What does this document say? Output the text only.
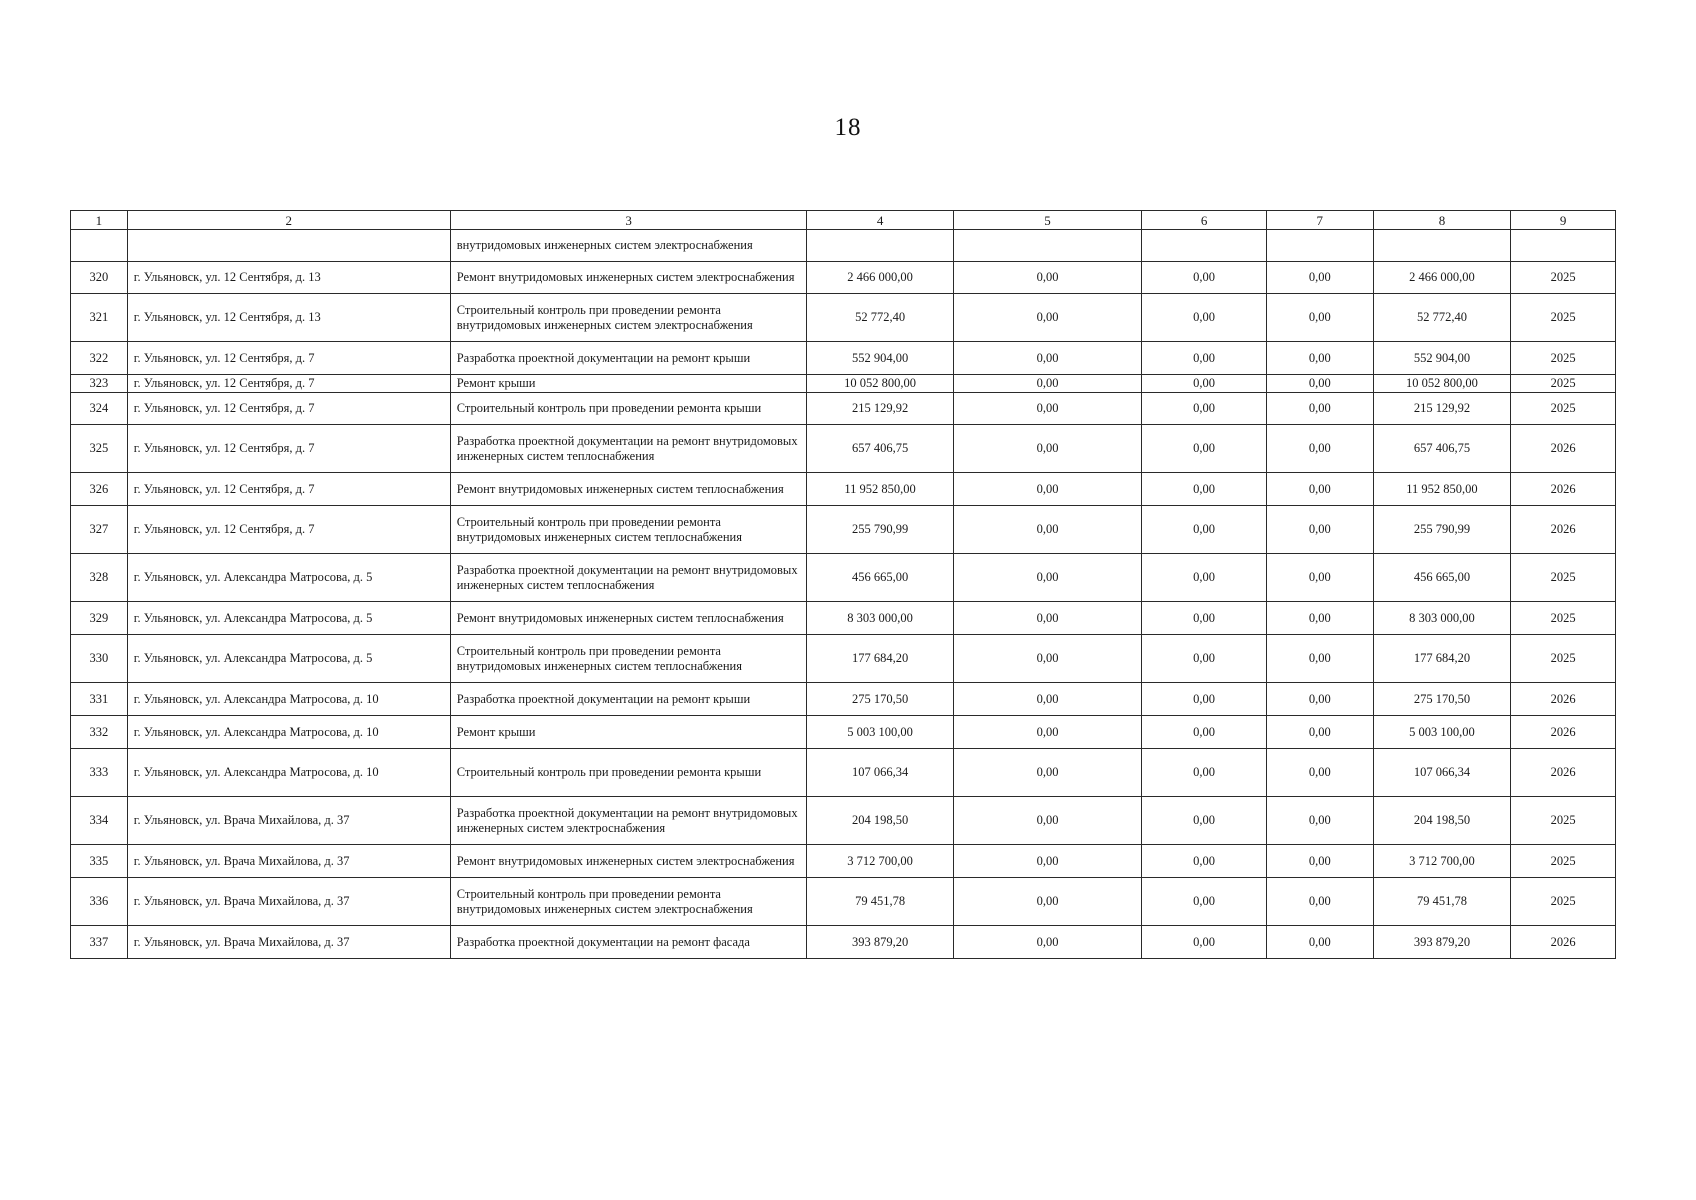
18
1	2	3	4	5	6	7	8	9
		внутридомовых инженерных систем электроснабжения						
320	г. Ульяновск, ул. 12 Сентября, д. 13	Ремонт внутридомовых инженерных систем электроснабжения	2 466 000,00	0,00	0,00	0,00	2 466 000,00	2025
321	г. Ульяновск, ул. 12 Сентября, д. 13	Строительный контроль при проведении ремонта внутридомовых инженерных систем электроснабжения	52 772,40	0,00	0,00	0,00	52 772,40	2025
322	г. Ульяновск, ул. 12 Сентября, д. 7	Разработка проектной документации на ремонт крыши	552 904,00	0,00	0,00	0,00	552 904,00	2025
323	г. Ульяновск, ул. 12 Сентября, д. 7	Ремонт крыши	10 052 800,00	0,00	0,00	0,00	10 052 800,00	2025
324	г. Ульяновск, ул. 12 Сентября, д. 7	Строительный контроль при проведении ремонта крыши	215 129,92	0,00	0,00	0,00	215 129,92	2025
325	г. Ульяновск, ул. 12 Сентября, д. 7	Разработка проектной документации на ремонт внутридомовых инженерных систем теплоснабжения	657 406,75	0,00	0,00	0,00	657 406,75	2026
326	г. Ульяновск, ул. 12 Сентября, д. 7	Ремонт внутридомовых инженерных систем теплоснабжения	11 952 850,00	0,00	0,00	0,00	11 952 850,00	2026
327	г. Ульяновск, ул. 12 Сентября, д. 7	Строительный контроль при проведении ремонта внутридомовых инженерных систем теплоснабжения	255 790,99	0,00	0,00	0,00	255 790,99	2026
328	г. Ульяновск, ул. Александра Матросова, д. 5	Разработка проектной документации на ремонт внутридомовых инженерных систем теплоснабжения	456 665,00	0,00	0,00	0,00	456 665,00	2025
329	г. Ульяновск, ул. Александра Матросова, д. 5	Ремонт внутридомовых инженерных систем теплоснабжения	8 303 000,00	0,00	0,00	0,00	8 303 000,00	2025
330	г. Ульяновск, ул. Александра Матросова, д. 5	Строительный контроль при проведении ремонта внутридомовых инженерных систем теплоснабжения	177 684,20	0,00	0,00	0,00	177 684,20	2025
331	г. Ульяновск, ул. Александра Матросова, д. 10	Разработка проектной документации на ремонт крыши	275 170,50	0,00	0,00	0,00	275 170,50	2026
332	г. Ульяновск, ул. Александра Матросова, д. 10	Ремонт крыши	5 003 100,00	0,00	0,00	0,00	5 003 100,00	2026
333	г. Ульяновск, ул. Александра Матросова, д. 10	Строительный контроль при проведении ремонта крыши	107 066,34	0,00	0,00	0,00	107 066,34	2026
334	г. Ульяновск, ул. Врача Михайлова, д. 37	Разработка проектной документации на ремонт внутридомовых инженерных систем электроснабжения	204 198,50	0,00	0,00	0,00	204 198,50	2025
335	г. Ульяновск, ул. Врача Михайлова, д. 37	Ремонт внутридомовых инженерных систем электроснабжения	3 712 700,00	0,00	0,00	0,00	3 712 700,00	2025
336	г. Ульяновск, ул. Врача Михайлова, д. 37	Строительный контроль при проведении ремонта внутридомовых инженерных систем электроснабжения	79 451,78	0,00	0,00	0,00	79 451,78	2025
337	г. Ульяновск, ул. Врача Михайлова, д. 37	Разработка проектной документации на ремонт фасада	393 879,20	0,00	0,00	0,00	393 879,20	2026
